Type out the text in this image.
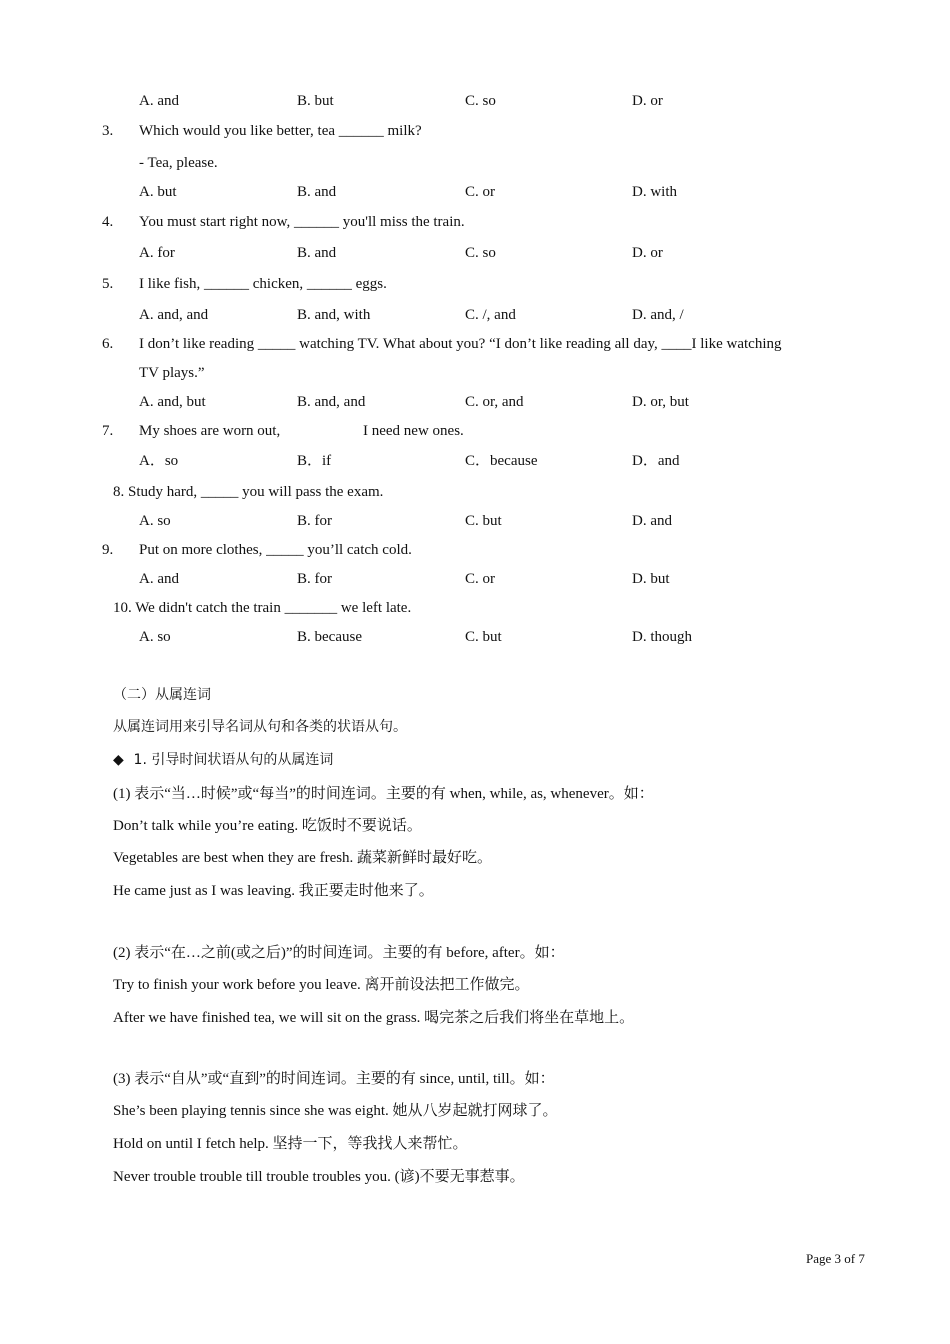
A. and	B. but	C. so	D. or
3. Which would you like better, tea ______ milk?
- Tea, please.
A. but	B. and	C. or	D. with
4. You must start right now, ______ you'll miss the train.
A. for	B. and	C. so	D. or
5. I like fish, ______ chicken, ______ eggs.
A. and, and	B. and, with	C. /, and	D. and, /
6. I don’t like reading _____ watching TV. What about you? “I don’t like reading all day, ____I like watching
TV plays.”
A. and, but	B. and, and	C. or, and	D. or, but
7. My shoes are worn out,	I need new ones.
A．so	B．if	C．because	D．and
8. Study hard, _____ you will pass the exam.
A. so	B. for	C. but	D. and
9. Put on more clothes, _____ you’ll catch cold.
A. and	B. for	C. or	D. but
10. We didn't catch the train _______ we left late.
A. so	B. because	C. but	D. though
（二）从属连词
从属连词用来引导名词从句和各类的状语从句。
◆ 1. 引导时间状语从句的从属连词
(1) 表示“当…时候”或“每当”的时间连词。主要的有 when, while, as, whenever。如：
Don’t talk while you’re eating. 吃饭时不要说话。
Vegetables are best when they are fresh. 蔬菜新鲜时最好吃。
He came just as I was leaving. 我正要走时他来了。
(2) 表示“在…之前(或之后)”的时间连词。主要的有 before, after。如：
Try to finish your work before you leave. 离开前设法把工作做完。
After we have finished tea, we will sit on the grass. 喝完茶之后我们将坐在草地上。
(3) 表示“自从”或“直到”的时间连词。主要的有 since, until, till。如：
She’s been playing tennis since she was eight. 她从八岁起就打网球了。
Hold on until I fetch help. 坚持一下，等我找人来帮忙。
Never trouble trouble till trouble troubles you. (谚)不要无事惹事。
Page 3 of 7
